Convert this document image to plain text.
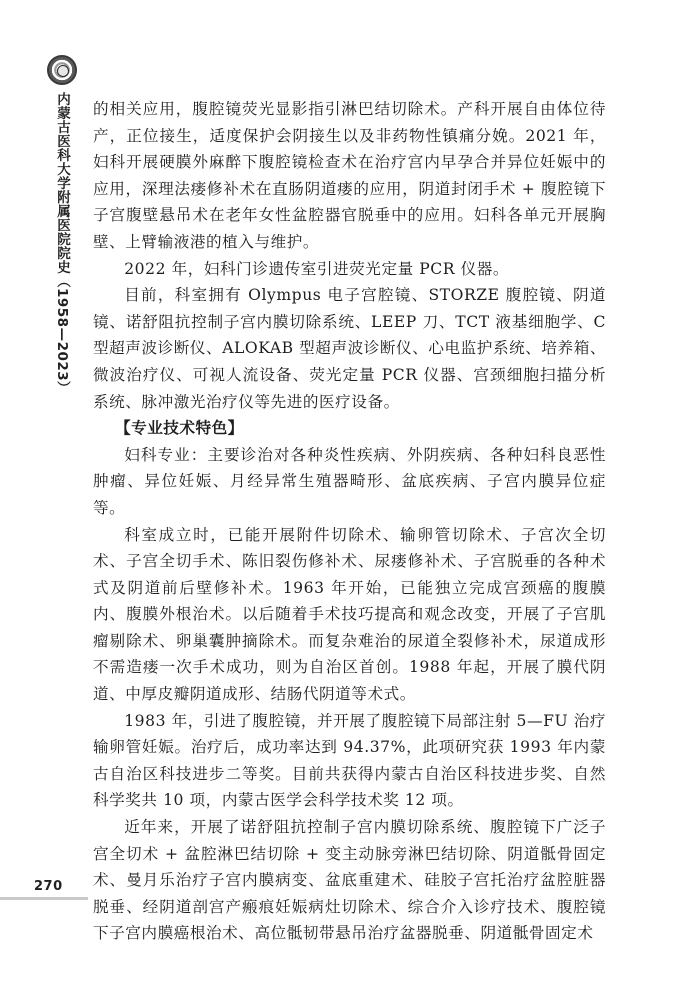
内蒙古医科大学附属医院院史（1958—2023）
270

的相关应用，腹腔镜荧光显影指引淋巴结切除术。产科开展自由体位待产，正位接生，适度保护会阴接生以及非药物性镇痛分娩。2021 年，妇科开展硬膜外麻醉下腹腔镜检查术在治疗宫内早孕合并异位妊娠中的应用，深理法瘘修补术在直肠阴道瘘的应用，阴道封闭手术 + 腹腔镜下子宫腹壁悬吊术在老年女性盆腔器官脱垂中的应用。妇科各单元开展胸壁、上臂输液港的植入与维护。

2022 年，妇科门诊遗传室引进荧光定量 PCR 仪器。

目前，科室拥有 Olympus 电子宫腔镜、STORZE 腹腔镜、阴道镜、诺舒阻抗控制子宫内膜切除系统、LEEP 刀、TCT 液基细胞学、C 型超声波诊断仪、ALOKAB 型超声波诊断仪、心电监护系统、培养箱、微波治疗仪、可视人流设备、荧光定量 PCR 仪器、宫颈细胞扫描分析系统、脉冲激光治疗仪等先进的医疗设备。

【专业技术特色】

妇科专业：主要诊治对各种炎性疾病、外阴疾病、各种妇科良恶性肿瘤、异位妊娠、月经异常生殖器畸形、盆底疾病、子宫内膜异位症等。

科室成立时，已能开展附件切除术、输卵管切除术、子宫次全切术、子宫全切手术、陈旧裂伤修补术、尿瘘修补术、子宫脱垂的各种术式及阴道前后壁修补术。1963 年开始，已能独立完成宫颈癌的腹膜内、腹膜外根治术。以后随着手术技巧提高和观念改变，开展了子宫肌瘤剔除术、卵巢囊肿摘除术。而复杂难治的尿道全裂修补术，尿道成形不需造瘘一次手术成功，则为自治区首创。1988 年起，开展了膜代阴道、中厚皮瓣阴道成形、结肠代阴道等术式。

1983 年，引进了腹腔镜，并开展了腹腔镜下局部注射 5—FU 治疗输卵管妊娠。治疗后，成功率达到 94.37%，此项研究获 1993 年内蒙古自治区科技进步二等奖。目前共获得内蒙古自治区科技进步奖、自然科学奖共 10 项，内蒙古医学会科学技术奖 12 项。

近年来，开展了诺舒阻抗控制子宫内膜切除系统、腹腔镜下广泛子宫全切术 + 盆腔淋巴结切除 + 变主动脉旁淋巴结切除、阴道骶骨固定术、曼月乐治疗子宫内膜病变、盆底重建术、硅胶子宫托治疗盆腔脏器脱垂、经阴道剖宫产瘢痕妊娠病灶切除术、综合介入诊疗技术、腹腔镜下子宫内膜癌根治术、高位骶韧带悬吊治疗盆器脱垂、阴道骶骨固定术
